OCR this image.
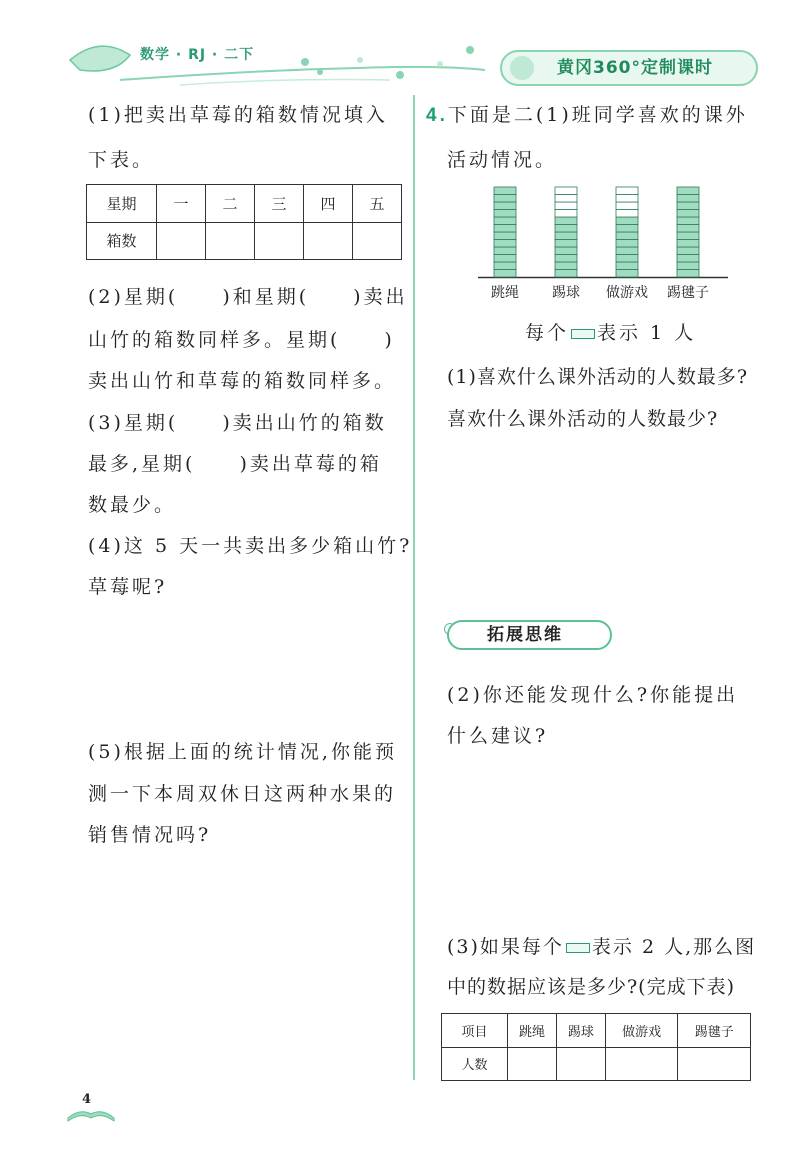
数学 · RJ · 二下
黄冈360°定制课时
(1)把卖出草莓的箱数情况填入
下表。
星期	一	二	三	四	五
箱数					
(2)星期(　　)和星期(　　)卖出
山竹的箱数同样多。星期(　　)
卖出山竹和草莓的箱数同样多。
(3)星期(　　)卖出山竹的箱数
最多,星期(　　)卖出草莓的箱
数最少。
(4)这 5 天一共卖出多少箱山竹?
草莓呢?
(5)根据上面的统计情况,你能预
测一下本周双休日这两种水果的
销售情况吗?
4.下面是二(1)班同学喜欢的课外
活动情况。
跳绳 踢球 做游戏 踢毽子
每个 表示 1 人
(1)喜欢什么课外活动的人数最多?
喜欢什么课外活动的人数最少?
拓展思维
(2)你还能发现什么?你能提出
什么建议?
(3)如果每个 表示 2 人,那么图
中的数据应该是多少?(完成下表)
项目	跳绳	踢球	做游戏	踢毽子
人数				
4
